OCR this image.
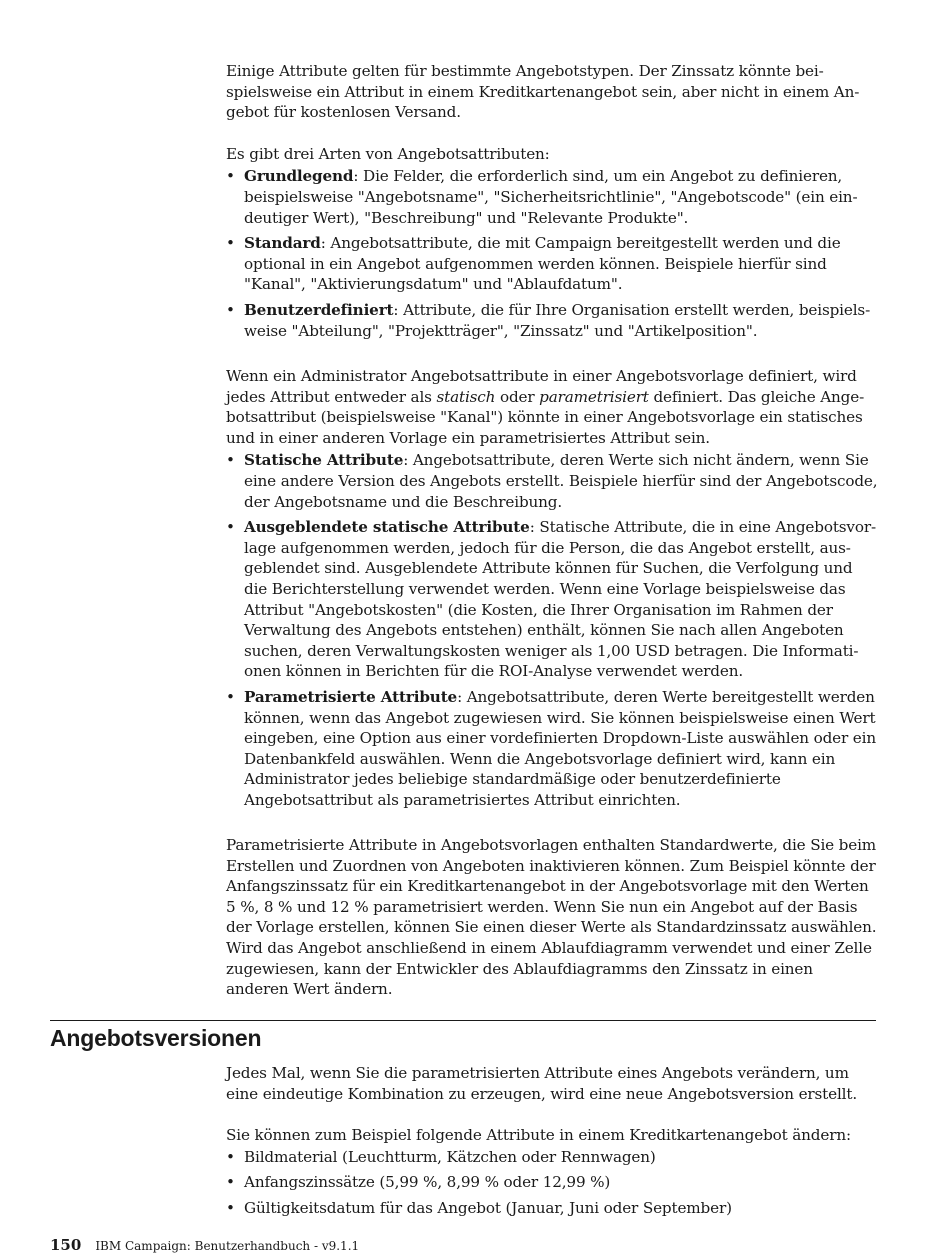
Einige Attribute gelten für bestimmte Angebotstypen. Der Zinssatz könnte beispielsweise ein Attribut in einem Kreditkartenangebot sein, aber nicht in einem Angebot für kostenlosen Versand.

Es gibt drei Arten von Angebotsattributen:

• Grundlegend: Die Felder, die erforderlich sind, um ein Angebot zu definieren, beispielsweise "Angebotsname", "Sicherheitsrichtlinie", "Angebotscode" (ein eindeutiger Wert), "Beschreibung" und "Relevante Produkte".
• Standard: Angebotsattribute, die mit Campaign bereitgestellt werden und die optional in ein Angebot aufgenommen werden können. Beispiele hierfür sind "Kanal", "Aktivierungsdatum" und "Ablaufdatum".
• Benutzerdefiniert: Attribute, die für Ihre Organisation erstellt werden, beispielsweise "Abteilung", "Projektträger", "Zinssatz" und "Artikelposition".

Wenn ein Administrator Angebotsattribute in einer Angebotsvorlage definiert, wird jedes Attribut entweder als statisch oder parametrisiert definiert. Das gleiche Angebotsattribut (beispielsweise "Kanal") könnte in einer Angebotsvorlage ein statisches und in einer anderen Vorlage ein parametrisiertes Attribut sein.

• Statische Attribute: Angebotsattribute, deren Werte sich nicht ändern, wenn Sie eine andere Version des Angebots erstellt. Beispiele hierfür sind der Angebotscode, der Angebotsname und die Beschreibung.
• Ausgeblendete statische Attribute: Statische Attribute, die in eine Angebotsvorlage aufgenommen werden, jedoch für die Person, die das Angebot erstellt, ausgeblendet sind. Ausgeblendete Attribute können für Suchen, die Verfolgung und die Berichterstellung verwendet werden. Wenn eine Vorlage beispielsweise das Attribut "Angebotskosten" (die Kosten, die Ihrer Organisation im Rahmen der Verwaltung des Angebots entstehen) enthält, können Sie nach allen Angeboten suchen, deren Verwaltungskosten weniger als 1,00 USD betragen. Die Informationen können in Berichten für die ROI-Analyse verwendet werden.
• Parametrisierte Attribute: Angebotsattribute, deren Werte bereitgestellt werden können, wenn das Angebot zugewiesen wird. Sie können beispielsweise einen Wert eingeben, eine Option aus einer vordefinierten Dropdown-Liste auswählen oder ein Datenbankfeld auswählen. Wenn die Angebotsvorlage definiert wird, kann ein Administrator jedes beliebige standardmäßige oder benutzerdefinierte Angebotsattribut als parametrisiertes Attribut einrichten.

Parametrisierte Attribute in Angebotsvorlagen enthalten Standardwerte, die Sie beim Erstellen und Zuordnen von Angeboten inaktivieren können. Zum Beispiel könnte der Anfangszinssatz für ein Kreditkartenangebot in der Angebotsvorlage mit den Werten 5 %, 8 % und 12 % parametrisiert werden. Wenn Sie nun ein Angebot auf der Basis der Vorlage erstellen, können Sie einen dieser Werte als Standardzinssatz auswählen. Wird das Angebot anschließend in einem Ablaufdiagramm verwendet und einer Zelle zugewiesen, kann der Entwickler des Ablaufdiagramms den Zinssatz in einen anderen Wert ändern.

Angebotsversionen

Jedes Mal, wenn Sie die parametrisierten Attribute eines Angebots verändern, um eine eindeutige Kombination zu erzeugen, wird eine neue Angebotsversion erstellt.

Sie können zum Beispiel folgende Attribute in einem Kreditkartenangebot ändern:

• Bildmaterial (Leuchtturm, Kätzchen oder Rennwagen)
• Anfangszinssätze (5,99 %, 8,99 % oder 12,99 %)
• Gültigkeitsdatum für das Angebot (Januar, Juni oder September)
150 IBM Campaign: Benutzerhandbuch - v9.1.1
